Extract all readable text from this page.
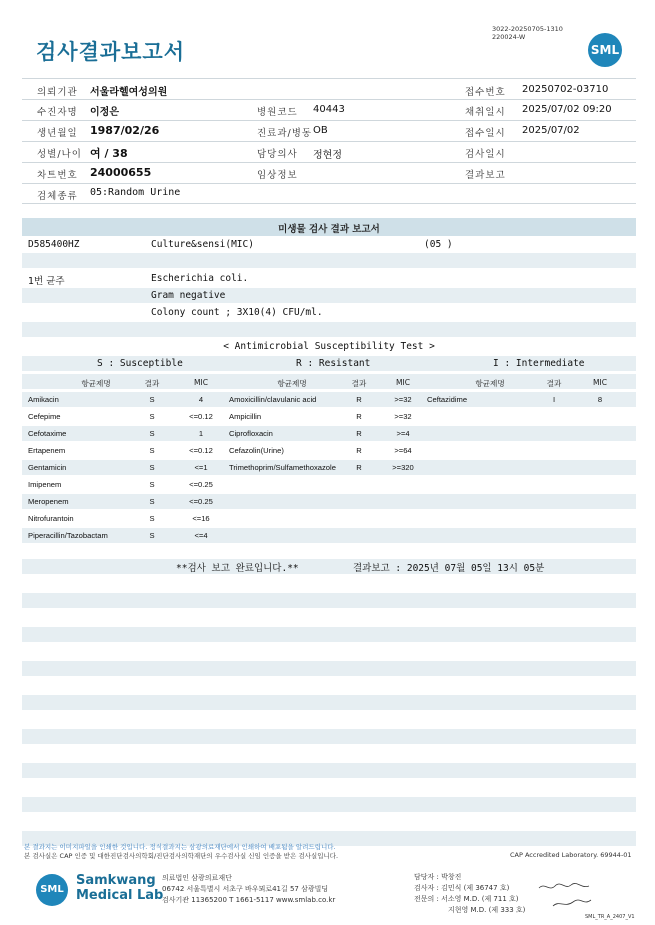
검사결과보고서
3022-20250705-1310
220024-W
SML
의뢰기관 서울라헬여성의원	접수번호 20250702-03710
수진자명 이정은	병원코드 40443	채취일시 2025/07/02 09:20
생년월일 1987/02/26	진료과/병동 OB	접수일시 2025/07/02
성별/나이 여 / 38	담당의사 정현정	검사일시
차트번호 24000655	임상정보	결과보고
검체종류 05:Random Urine
미생물 검사 결과 보고서
D585400HZ	Culture&sensi(MIC)	(05 )
1번 균주	Escherichia coli.
Gram negative
Colony count ; 3X10(4) CFU/ml.
< Antimicrobial Susceptibility Test >
S : Susceptible	R : Resistant	I : Intermediate
항균제명	결과	MIC	항균제명	결과	MIC	항균제명	결과	MIC
Amikacin	S	4	Amoxicillin/clavulanic acid	R	>=32	Ceftazidime	I	8
Cefepime	S	<=0.12	Ampicillin	R	>=32
Cefotaxime	S	1	Ciprofloxacin	R	>=4
Ertapenem	S	<=0.12	Cefazolin(Urine)	R	>=64
Gentamicin	S	<=1	Trimethoprim/Sulfamethoxazole	R	>=320
Imipenem	S	<=0.25
Meropenem	S	<=0.25
Nitrofurantoin	S	<=16
Piperacillin/Tazobactam	S	<=4
**검사 보고 완료입니다.**	결과보고 : 2025년 07월 05일 13시 05분
본 결과지는 이미지파일을 인쇄한 것입니다. 정식결과지는 삼광의료재단에서 인쇄하여 배포됨을 알려드립니다.
본 검사실은 CAP 인증 및 대한진단검사의학회/진단검사의학재단의 우수검사실 신임 인증을 받은 검사실입니다.	CAP Accredited Laboratory. 69944-01
SML
Samkwang
Medical Lab
의료법인 삼광의료재단
06742 서울특별시 서초구 바우뫼로41길 57 삼광빌딩
검사기관 11365200 T 1661-5117 www.smlab.co.kr
담당자 : 박창진
검사자 : 김민식 (제 36747 호)
전문의 : 서소영 M.D. (제 711 호)
지현영 M.D. (제 333 호)
SML_TR_A_2407_V1
